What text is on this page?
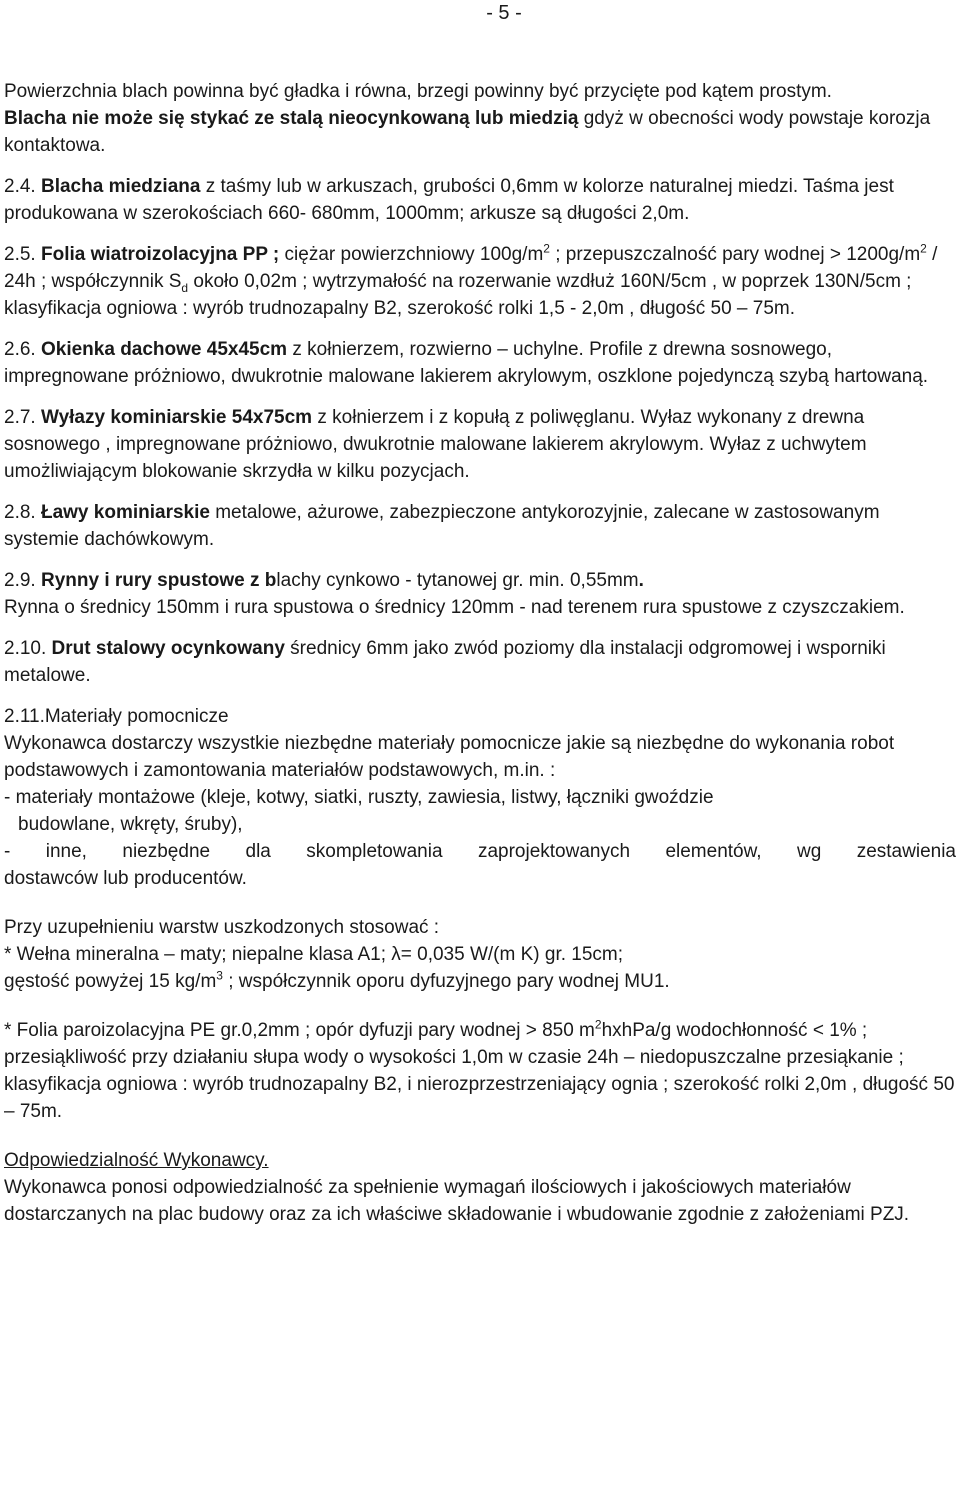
- 5 -

Powierzchnia blach powinna być gładka i równa, brzegi powinny być przycięte pod kątem prostym.
Blacha nie może się stykać ze stalą nieocynkowaną lub miedzią gdyż w obecności wody powstaje korozja kontaktowa.

2.4. Blacha miedziana z taśmy lub w arkuszach, grubości 0,6mm w kolorze naturalnej miedzi. Taśma jest produkowana w szerokościach 660- 680mm, 1000mm; arkusze są długości 2,0m.

2.5. Folia wiatroizolacyjna PP ; ciężar powierzchniowy $100g/m^2$ ; przepuszczalność pary wodnej > $1200g/m^2 / 24h$ ; współczynnik $S_d$ około 0,02m ; wytrzymałość na rozerwanie wzdłuż 160N/5cm , w poprzek 130N/5cm ; klasyfikacja ogniowa : wyrób trudnozapalny B2, szerokość rolki 1,5 - 2,0m , długość 50 – 75m.

2.6. Okienka dachowe 45x45cm z kołnierzem, rozwierno – uchylne. Profile z drewna sosnowego, impregnowane próżniowo, dwukrotnie malowane lakierem akrylowym, oszklone pojedynczą szybą hartowaną.

2.7. Wyłazy kominiarskie 54x75cm z kołnierzem i z kopułą z poliwęglanu. Wyłaz wykonany z drewna sosnowego , impregnowane próżniowo, dwukrotnie malowane lakierem akrylowym. Wyłaz z uchwytem umożliwiającym blokowanie skrzydła w kilku pozycjach.

2.8. Ławy kominiarskie metalowe, ażurowe, zabezpieczone antykorozyjnie, zalecane w zastosowanym systemie dachówkowym.

2.9. Rynny i rury spustowe z blachy cynkowo - tytanowej gr. min. 0,55mm.
Rynna o średnicy 150mm i rura spustowa o średnicy 120mm - nad terenem rura spustowe z czyszczakiem.

2.10. Drut stalowy ocynkowany średnicy 6mm jako zwód poziomy dla instalacji odgromowej i wsporniki metalowe.

2.11.Materiały pomocnicze

Wykonawca dostarczy wszystkie niezbędne materiały pomocnicze jakie są niezbędne do wykonania robot podstawowych i zamontowania materiałów podstawowych, m.in. :

- materiały montażowe (kleje, kotwy, siatki, ruszty, zawiesia, listwy, łączniki gwoździe

budowlane, wkręty, śruby),

- inne, niezbędne dla skompletowania zaprojektowanych elementów, wg zestawienia

dostawców lub producentów.

Przy uzupełnieniu warstw uszkodzonych stosować :

* Wełna mineralna – maty; niepalne klasa A1; λ= 0,035 W/(m K) gr. 15cm;

gęstość powyżej 15 $kg/m^3$ ; współczynnik oporu dyfuzyjnego pary wodnej MU1.

* Folia paroizolacyjna PE gr.0,2mm ; opór dyfuzji pary wodnej > 850 $m^2hxhPa/g$ wodochłonność < 1% ; przesiąkliwość przy działaniu słupa wody o wysokości 1,0m w czasie 24h – niedopuszczalne przesiąkanie ; klasyfikacja ogniowa : wyrób trudnozapalny B2, i nierozprzestrzeniający ognia ; szerokość rolki 2,0m , długość 50 – 75m.

Odpowiedzialność Wykonawcy.

Wykonawca ponosi odpowiedzialność za spełnienie wymagań ilościowych i jakościowych materiałów dostarczanych na plac budowy oraz za ich właściwe składowanie i wbudowanie zgodnie z założeniami PZJ.
